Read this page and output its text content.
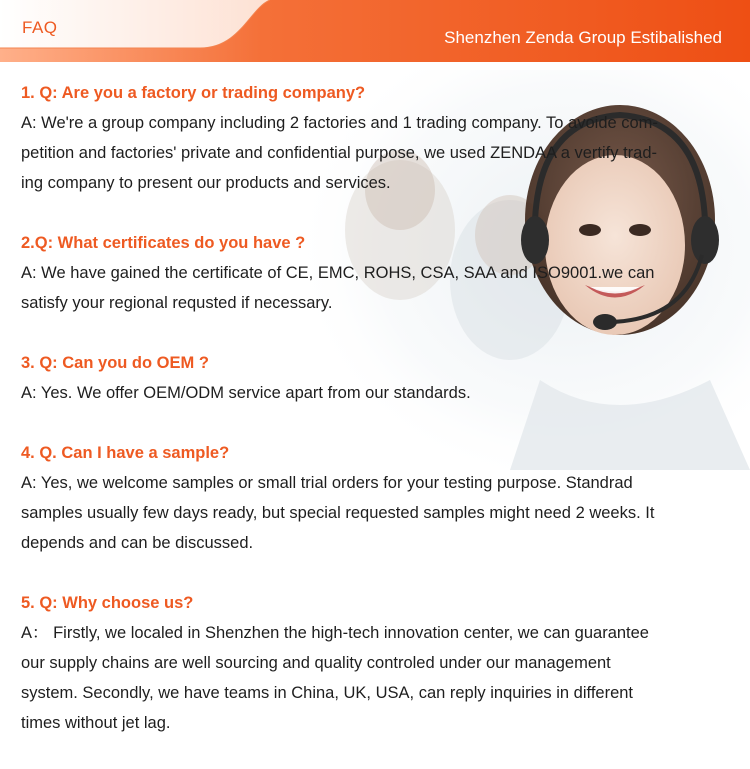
FAQ
Shenzhen Zenda Group Estibalished

1. Q: Are you a factory or trading company?

A: We're a group company including 2 factories and 1 trading company. To avoide com-

petition and factories' private and confidential purpose, we used ZENDAA a vertify trad-

ing company to present our products and services.

2.Q: What certificates do you have ?

A: We have gained the certificate of CE, EMC, ROHS, CSA, SAA and ISO9001.we can

satisfy your regional requsted if necessary.

3. Q: Can you do OEM ?

A: Yes. We offer OEM/ODM service apart from our standards.

4. Q. Can I have a sample?

A: Yes, we welcome samples or small trial orders for your testing purpose. Standrad

samples usually few days ready, but special requested samples might need 2 weeks. It

depends and can be discussed.

5. Q: Why choose us?

A： Firstly, we localed in Shenzhen the high-tech innovation center, we can guarantee

our supply chains are well sourcing and quality controled under our management

system. Secondly, we have teams in China, UK, USA, can reply inquiries in different

times without jet lag.
